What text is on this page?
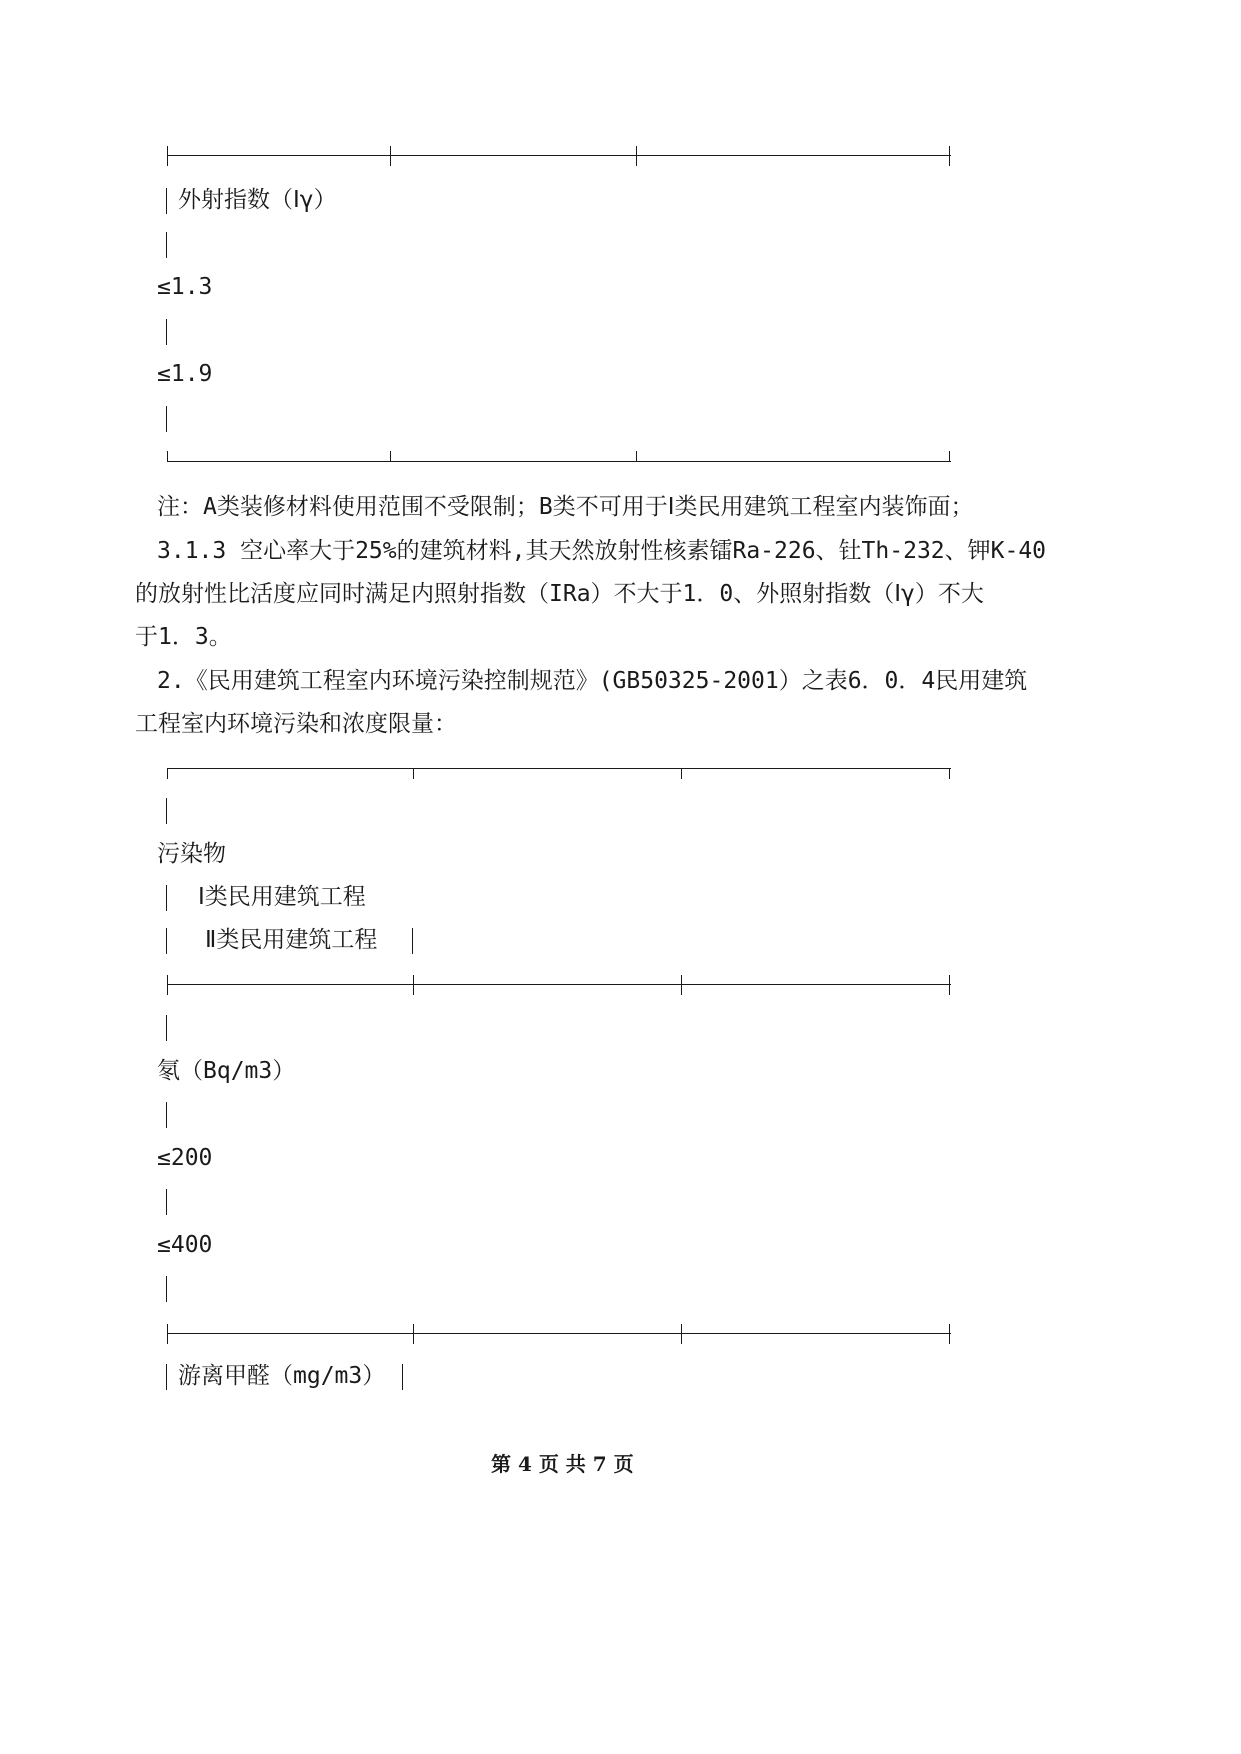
外射指数（Ⅰγ）
≤1.3
≤1.9
注：A类装修材料使用范围不受限制；B类不可用于Ⅰ类民用建筑工程室内装饰面；
3.1.3 空心率大于25%的建筑材料,其天然放射性核素镭Ra-226、钍Th-232、钾K-40
的放射性比活度应同时满足内照射指数（IRa）不大于1．0、外照射指数（Ⅰγ）不大
于1．3。
2.《民用建筑工程室内环境污染控制规范》(GB50325-2001）之表6．0．4民用建筑
工程室内环境污染和浓度限量：
污染物
Ⅰ类民用建筑工程
Ⅱ类民用建筑工程
氡（Bq/m3）
≤200
≤400
游离甲醛（mg/m3）
第 4 页 共 7 页
